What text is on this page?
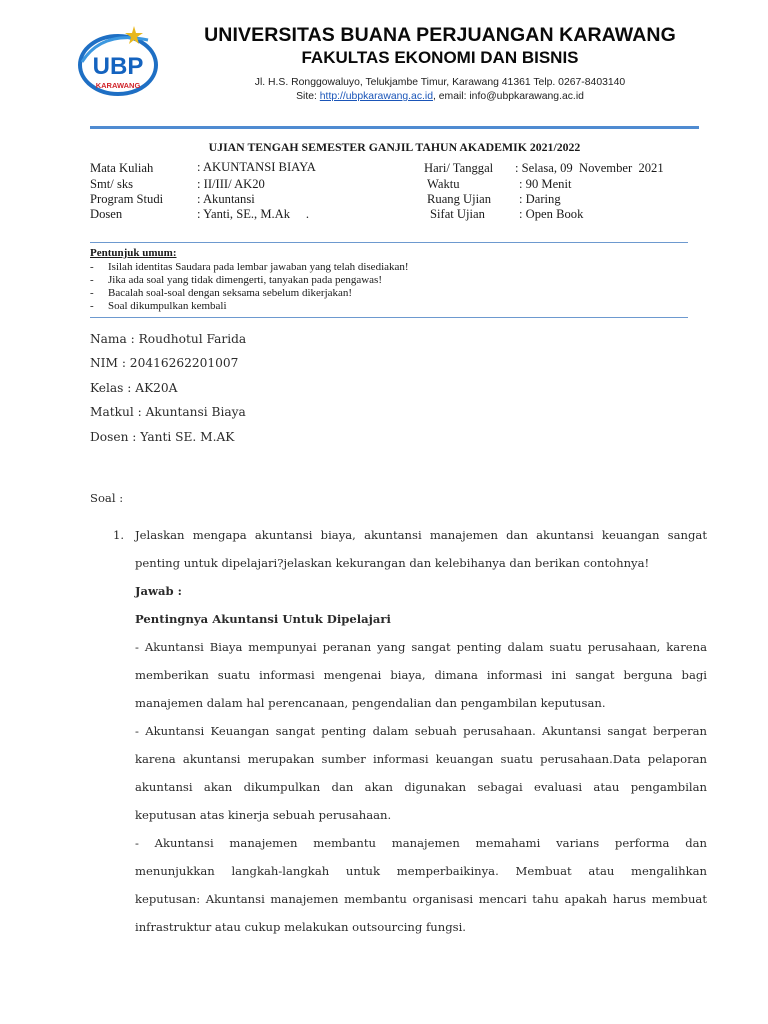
UBP
KARAWANG
UNIVERSITAS BUANA PERJUANGAN KARAWANG
FAKULTAS EKONOMI DAN BISNIS
Jl. H.S. Ronggowaluyo, Telukjambe Timur, Karawang 41361 Telp. 0267-8403140
Site: http://ubpkarawang.ac.id, email: info@ubpkarawang.ac.id
UJIAN TENGAH SEMESTER GANJIL TAHUN AKADEMIK 2021/2022
Mata Kuliah	: AKUNTANSI BIAYA
Smt/ sks	: II/III/ AK20
Program Studi	: Akuntansi
Dosen	: Yanti, SE., M.Ak     .
Hari/ Tanggal : Selasa, 09  November  2021
Waktu	: 90 Menit
Ruang Ujian : Daring
Sifat Ujian	: Open Book
Pentunjuk umum:
- Isilah identitas Saudara pada lembar jawaban yang telah disediakan!
- Jika ada soal yang tidak dimengerti, tanyakan pada pengawas!
- Bacalah soal-soal dengan seksama sebelum dikerjakan!
- Soal dikumpulkan kembali
Nama : Roudhotul Farida
NIM : 20416262201007
Kelas : AK20A
Matkul : Akuntansi Biaya
Dosen : Yanti SE. M.AK
Soal :
1. Jelaskan mengapa akuntansi biaya, akuntansi manajemen dan akuntansi keuangan sangat
penting untuk dipelajari?jelaskan kekurangan dan kelebihanya dan berikan contohnya!
Jawab :
Pentingnya Akuntansi Untuk Dipelajari
- Akuntansi Biaya mempunyai peranan yang sangat penting dalam suatu perusahaan, karena
memberikan suatu informasi mengenai biaya, dimana informasi ini sangat berguna bagi
manajemen dalam hal perencanaan, pengendalian dan pengambilan keputusan.
- Akuntansi Keuangan sangat penting dalam sebuah perusahaan. Akuntansi sangat berperan
karena akuntansi merupakan sumber informasi keuangan suatu perusahaan.Data pelaporan
akuntansi akan dikumpulkan dan akan digunakan sebagai evaluasi atau pengambilan
keputusan atas kinerja sebuah perusahaan.
- Akuntansi manajemen membantu manajemen memahami varians performa dan
menunjukkan langkah-langkah untuk memperbaikinya. Membuat atau mengalihkan
keputusan: Akuntansi manajemen membantu organisasi mencari tahu apakah harus membuat
infrastruktur atau cukup melakukan outsourcing fungsi.
